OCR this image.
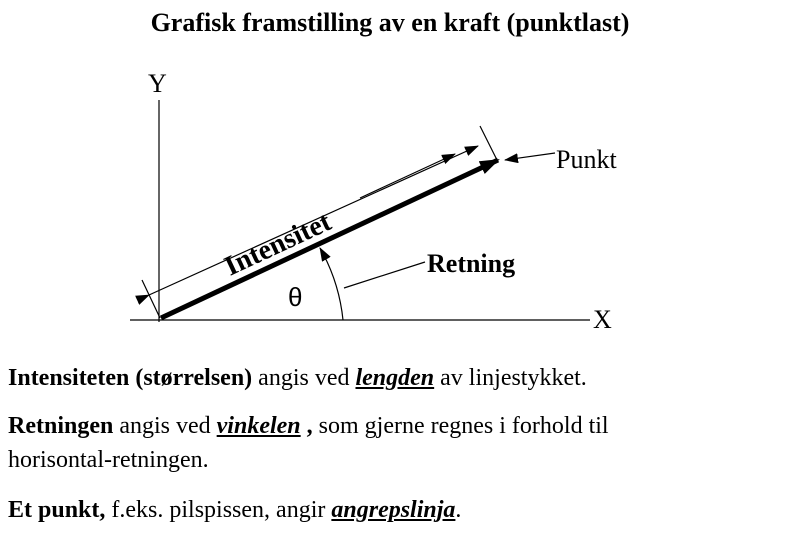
Grafisk framstilling av en kraft (punktlast)
Y
X
Punkt
Retning
Intensitet
θ
Intensiteten (størrelsen) angis ved lengden av linjestykket.
Retningen angis ved vinkelen , som gjerne regnes i forhold til
horisontal-retningen.
Et punkt, f.eks. pilspissen, angir angrepslinja.
